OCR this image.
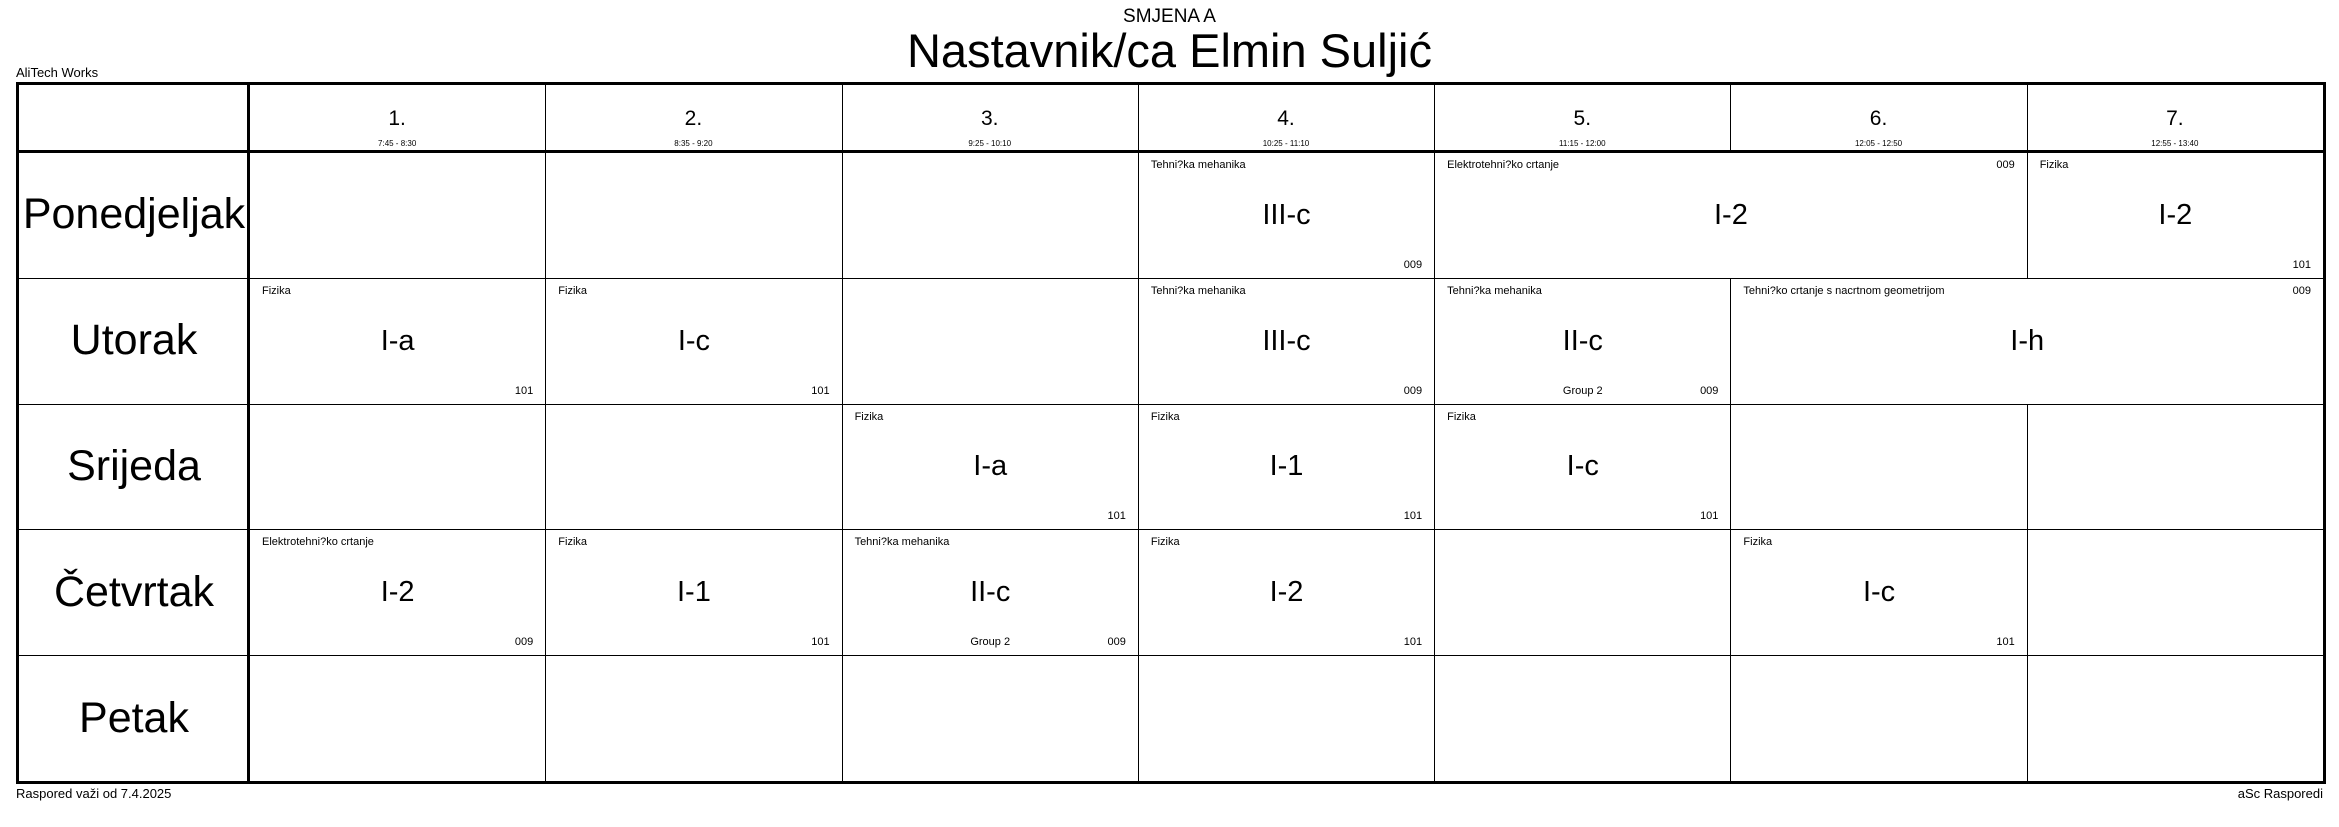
SMJENA A
Nastavnik/ca Elmin Suljić
AliTech Works
1.
7:45 - 8:30
2.
8:35 - 9:20
3.
9:25 - 10:10
4.
10:25 - 11:10
5.
11:15 - 12:00
6.
12:05 - 12:50
7.
12:55 - 13:40
Ponedjeljak
Utorak
Srijeda
Četvrtak
Petak
Tehni?ka mehanika
III-c
009
Elektrotehni?ko crtanje
I-2
009 Fizika
I-2
101
Fizika
I-a
101
Fizika
I-c
101
Tehni?ka mehanika
III-c
009
Tehni?ka mehanika
II-c
009
Group 2
Tehni?ko crtanje s nacrtnom geometrijom
I-h
009
Fizika
I-a
101
Fizika
I-1
101
Fizika
I-c
101
Elektrotehni?ko crtanje
I-2
009
Fizika
I-1
101
Tehni?ka mehanika
II-c
009
Group 2
Fizika
I-2
101
Fizika
I-c
101
Raspored važi od 7.4.2025	aSc Rasporedi
